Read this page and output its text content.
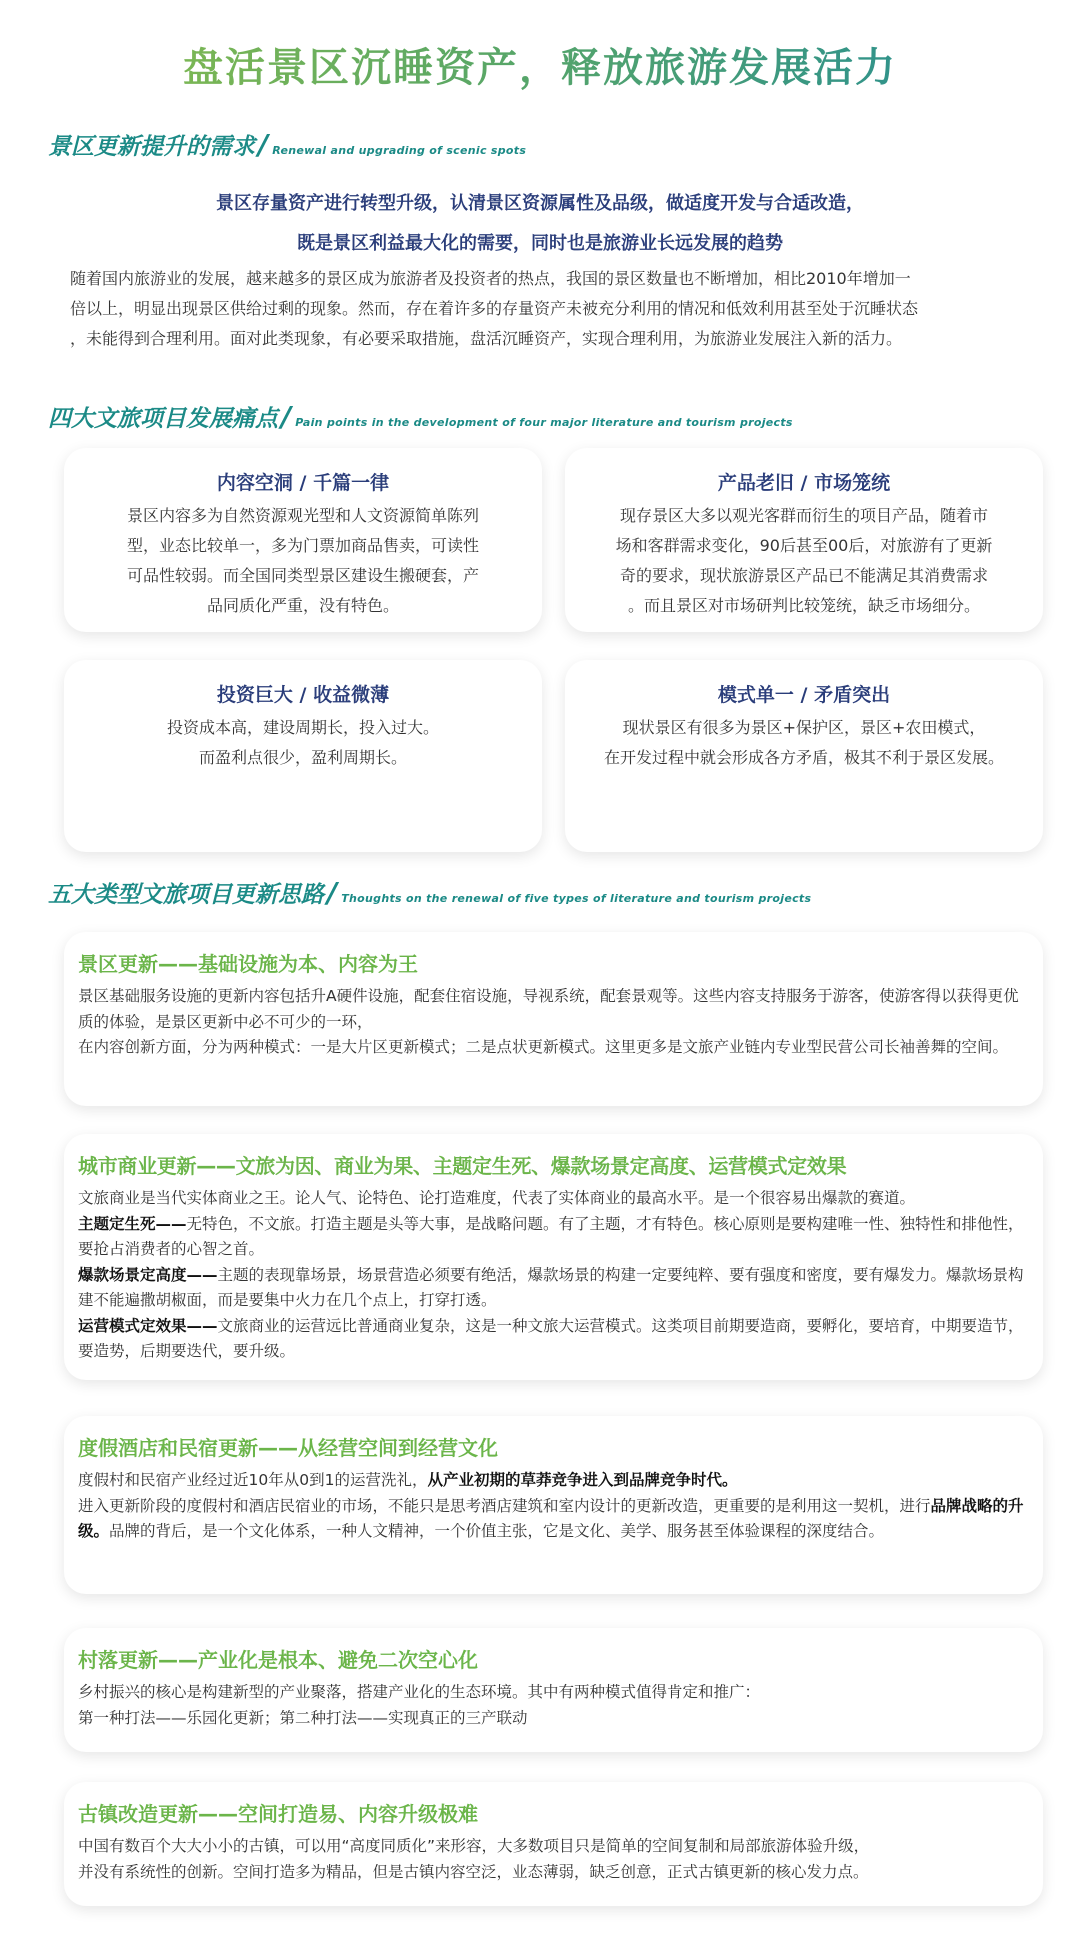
盘活景区沉睡资产，释放旅游发展活力
景区更新提升的需求 / Renewal and upgrading of scenic spots
景区存量资产进行转型升级，认清景区资源属性及品级，做适度开发与合适改造，
既是景区利益最大化的需要，同时也是旅游业长远发展的趋势
随着国内旅游业的发展，越来越多的景区成为旅游者及投资者的热点，我国的景区数量也不断增加，相比2010年增加一
倍以上，明显出现景区供给过剩的现象。然而，存在着许多的存量资产未被充分利用的情况和低效利用甚至处于沉睡状态
，未能得到合理利用。面对此类现象，有必要采取措施，盘活沉睡资产，实现合理利用，为旅游业发展注入新的活力。
四大文旅项目发展痛点 / Pain points in the development of four major literature and tourism projects
内容空洞 / 千篇一律
景区内容多为自然资源观光型和人文资源简单陈列
型，业态比较单一，多为门票加商品售卖，可读性
可品性较弱。而全国同类型景区建设生搬硬套，产
品同质化严重，没有特色。
产品老旧 / 市场笼统
现存景区大多以观光客群而衍生的项目产品，随着市
场和客群需求变化，90后甚至00后，对旅游有了更新
奇的要求，现状旅游景区产品已不能满足其消费需求
。而且景区对市场研判比较笼统，缺乏市场细分。
投资巨大 / 收益微薄
投资成本高，建设周期长，投入过大。
而盈利点很少，盈利周期长。
模式单一 / 矛盾突出
现状景区有很多为景区+保护区，景区+农田模式，
在开发过程中就会形成各方矛盾，极其不利于景区发展。
五大类型文旅项目更新思路 / Thoughts on the renewal of five types of literature and tourism projects
景区更新——基础设施为本、内容为王

景区基础服务设施的更新内容包括升A硬件设施，配套住宿设施，导视系统，配套景观等。这些内容支持服务于游客，使游客得以获得更优质的体验，是景区更新中必不可少的一环，

在内容创新方面，分为两种模式：一是大片区更新模式；二是点状更新模式。这里更多是文旅产业链内专业型民营公司长袖善舞的空间。

城市商业更新——文旅为因、商业为果、主题定生死、爆款场景定高度、运营模式定效果

文旅商业是当代实体商业之王。论人气、论特色、论打造难度，代表了实体商业的最高水平。是一个很容易出爆款的赛道。

主题定生死——无特色，不文旅。打造主题是头等大事，是战略问题。有了主题，才有特色。核心原则是要构建唯一性、独特性和排他性，要抢占消费者的心智之首。

爆款场景定高度——主题的表现靠场景，场景营造必须要有绝活，爆款场景的构建一定要纯粹、要有强度和密度，要有爆发力。爆款场景构建不能遍撒胡椒面，而是要集中火力在几个点上，打穿打透。

运营模式定效果——文旅商业的运营远比普通商业复杂，这是一种文旅大运营模式。这类项目前期要造商，要孵化，要培育，中期要造节，要造势，后期要迭代，要升级。

度假酒店和民宿更新——从经营空间到经营文化

度假村和民宿产业经过近10年从0到1的运营洗礼，从产业初期的草莽竞争进入到品牌竞争时代。

进入更新阶段的度假村和酒店民宿业的市场，不能只是思考酒店建筑和室内设计的更新改造，更重要的是利用这一契机，进行品牌战略的升级。品牌的背后，是一个文化体系，一种人文精神，一个价值主张，它是文化、美学、服务甚至体验课程的深度结合。

村落更新——产业化是根本、避免二次空心化

乡村振兴的核心是构建新型的产业聚落，搭建产业化的生态环境。其中有两种模式值得肯定和推广：

第一种打法——乐园化更新；第二种打法——实现真正的三产联动

古镇改造更新——空间打造易、内容升级极难

中国有数百个大大小小的古镇，可以用“高度同质化”来形容，大多数项目只是简单的空间复制和局部旅游体验升级，

并没有系统性的创新。空间打造多为精品，但是古镇内容空泛，业态薄弱，缺乏创意，正式古镇更新的核心发力点。
